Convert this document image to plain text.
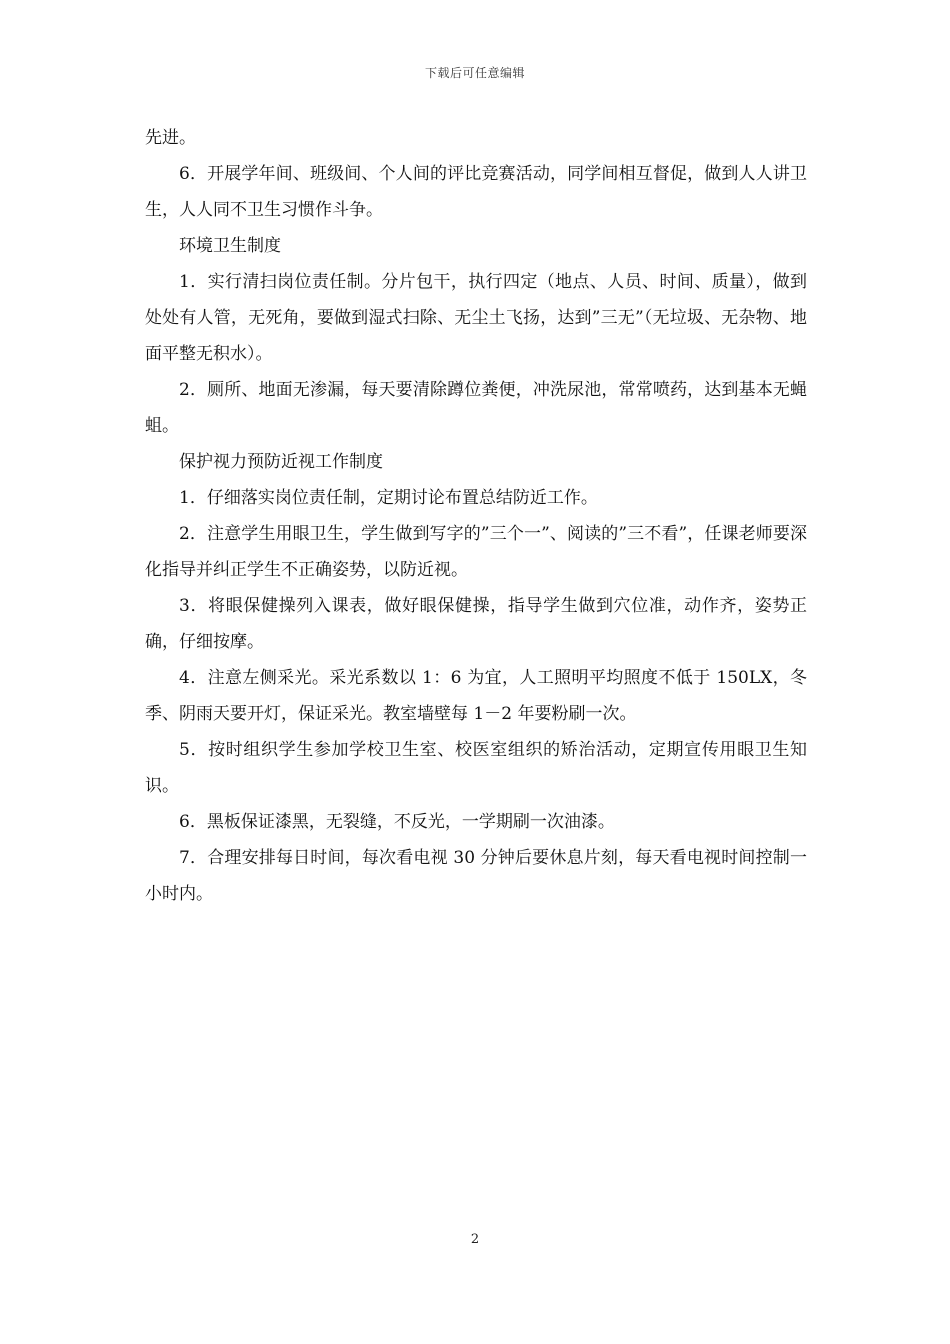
下载后可任意编辑

先进。

6．开展学年间、班级间、个人间的评比竞赛活动，同学间相互督促，做到人人讲卫生，人人同不卫生习惯作斗争。

环境卫生制度

1．实行清扫岗位责任制。分片包干，执行四定（地点、人员、时间、质量），做到处处有人管，无死角，要做到湿式扫除、无尘土飞扬，达到”三无”（无垃圾、无杂物、地面平整无积水）。

2．厕所、地面无渗漏，每天要清除蹲位粪便，冲洗尿池，常常喷药，达到基本无蝇蛆。

保护视力预防近视工作制度

1．仔细落实岗位责任制，定期讨论布置总结防近工作。

2．注意学生用眼卫生，学生做到写字的”三个一”、阅读的”三不看”，任课老师要深化指导并纠正学生不正确姿势，以防近视。

3．将眼保健操列入课表，做好眼保健操，指导学生做到穴位准，动作齐，姿势正确，仔细按摩。

4．注意左侧采光。采光系数以 1：6 为宜，人工照明平均照度不低于 150LX，冬季、阴雨天要开灯，保证采光。教室墙壁每 1－2 年要粉刷一次。

5．按时组织学生参加学校卫生室、校医室组织的矫治活动，定期宣传用眼卫生知识。

6．黑板保证漆黑，无裂缝，不反光，一学期刷一次油漆。

7．合理安排每日时间，每次看电视 30 分钟后要休息片刻，每天看电视时间控制一小时内。

2
